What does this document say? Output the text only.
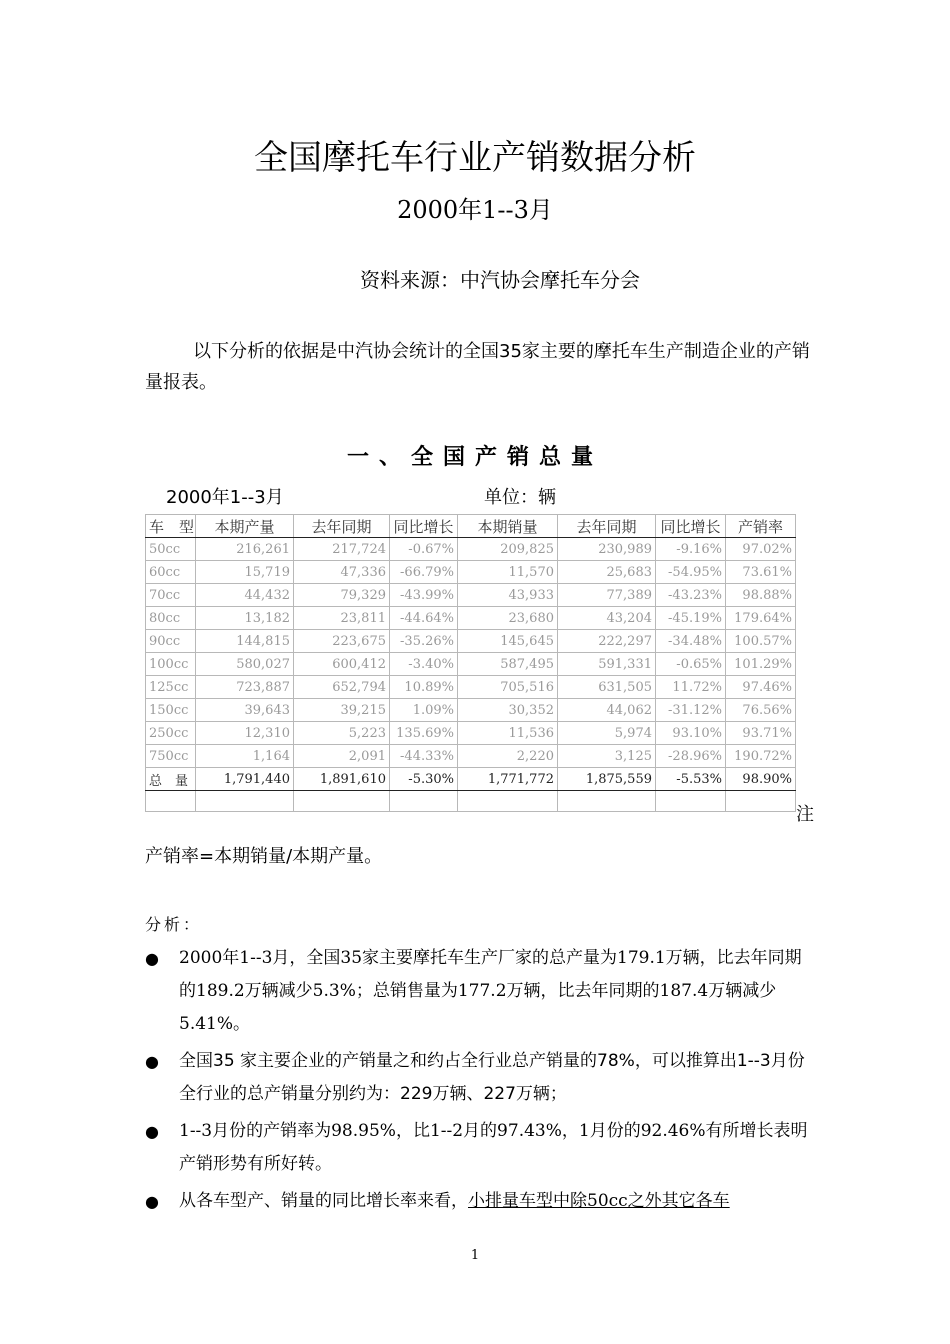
全国摩托车行业产销数据分析
2000年1--3月
资料来源：中汽协会摩托车分会
以下分析的依据是中汽协会统计的全国35家主要的摩托车生产制造企业的产销量报表。
一、全国产销总量
2000年1--3月	单位：辆
车　型	本期产量	去年同期	同比增长	本期销量	去年同期	同比增长	产销率
50cc	216,261	217,724	-0.67%	209,825	230,989	-9.16%	97.02%
60cc	15,719	47,336	-66.79%	11,570	25,683	-54.95%	73.61%
70cc	44,432	79,329	-43.99%	43,933	77,389	-43.23%	98.88%
80cc	13,182	23,811	-44.64%	23,680	43,204	-45.19%	179.64%
90cc	144,815	223,675	-35.26%	145,645	222,297	-34.48%	100.57%
100cc	580,027	600,412	-3.40%	587,495	591,331	-0.65%	101.29%
125cc	723,887	652,794	10.89%	705,516	631,505	11.72%	97.46%
150cc	39,643	39,215	1.09%	30,352	44,062	-31.12%	76.56%
250cc	12,310	5,223	135.69%	11,536	5,974	93.10%	93.71%
750cc	1,164	2,091	-44.33%	2,220	3,125	-28.96%	190.72%
总　量	1,791,440	1,891,610	-5.30%	1,771,772	1,875,559	-5.53%	98.90%

注
产销率=本期销量/本期产量。
分析：
●	2000年1--3月，全国35家主要摩托车生产厂家的总产量为179.1万辆，比去年同期的189.2万辆减少5.3%；总销售量为177.2万辆，比去年同期的187.4万辆减少5.41%。
●	全国35 家主要企业的产销量之和约占全行业总产销量的78%，可以推算出1--3月份全行业的总产销量分别约为：229万辆、227万辆；
●	1--3月份的产销率为98.95%，比1--2月的97.43%，1月份的92.46%有所增长表明产销形势有所好转。
●	从各车型产、销量的同比增长率来看，小排量车型中除50cc之外其它各车
1
